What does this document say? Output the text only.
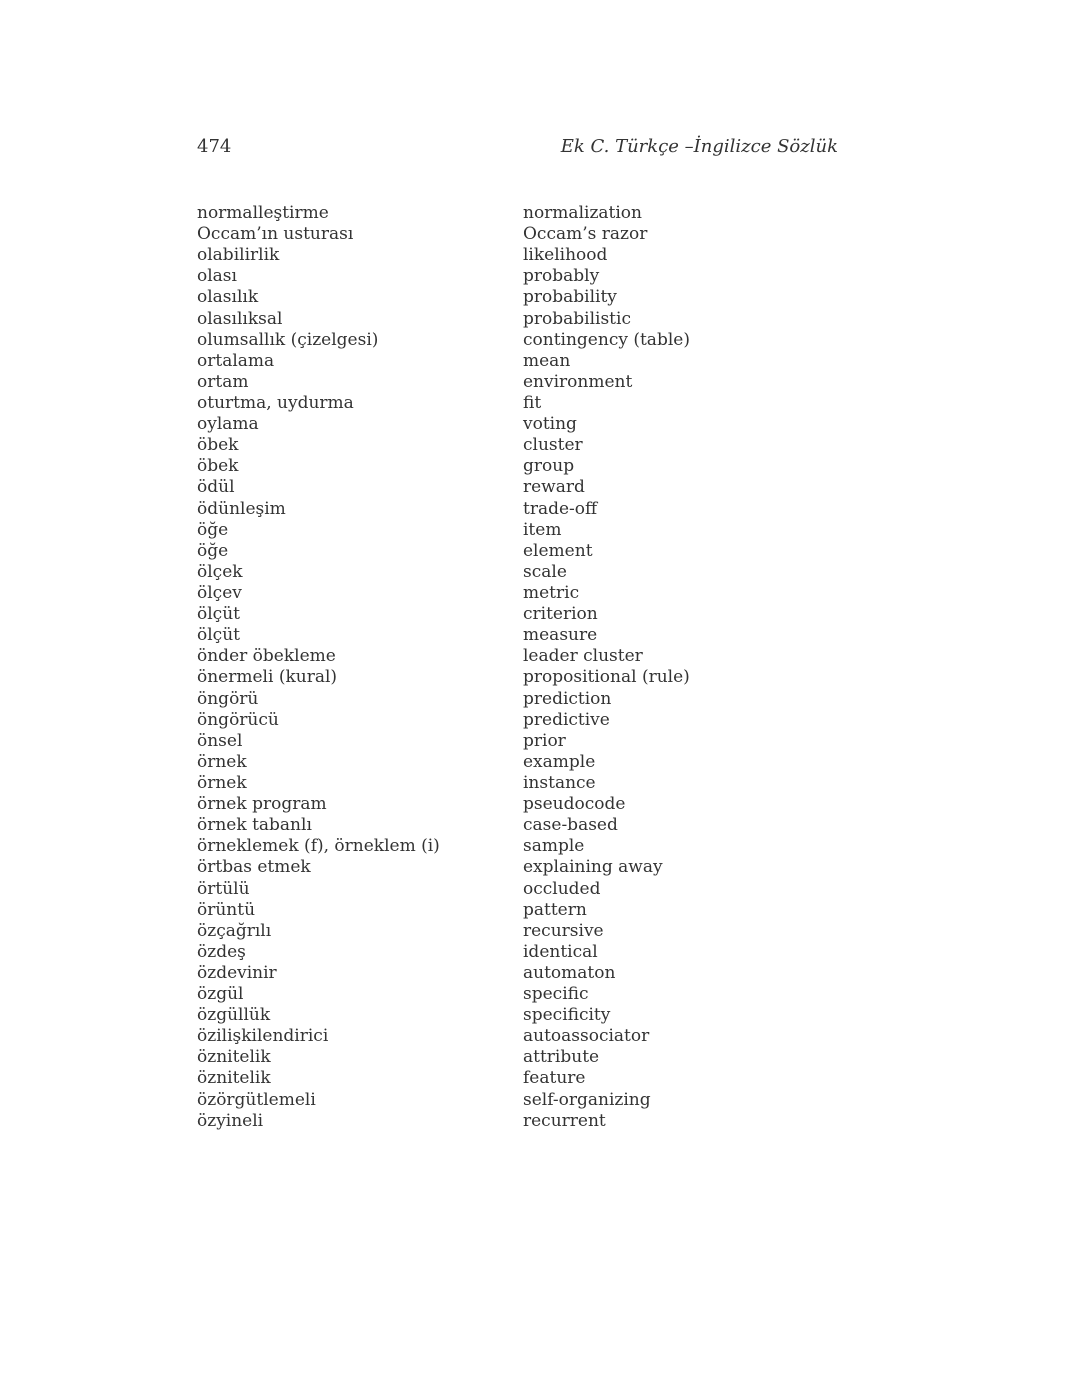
474	Ek C. Türkçe –İngilizce Sözlük
normalleştirme	normalization
Occam’ın usturası	Occam’s razor
olabilirlik	likelihood
olası	probably
olasılık	probability
olasılıksal	probabilistic
olumsallık (çizelgesi)	contingency (table)
ortalama	mean
ortam	environment
oturtma, uydurma	fit
oylama	voting
öbek	cluster
öbek	group
ödül	reward
ödünleşim	trade-off
öğe	item
öğe	element
ölçek	scale
ölçev	metric
ölçüt	criterion
ölçüt	measure
önder öbekleme	leader cluster
önermeli (kural)	propositional (rule)
öngörü	prediction
öngörücü	predictive
önsel	prior
örnek	example
örnek	instance
örnek program	pseudocode
örnek tabanlı	case-based
örneklemek (f), örneklem (i)	sample
örtbas etmek	explaining away
örtülü	occluded
örüntü	pattern
özçağrılı	recursive
özdeş	identical
özdevinir	automaton
özgül	specific
özgüllük	specificity
özilişkilendirici	autoassociator
öznitelik	attribute
öznitelik	feature
özörgütlemeli	self-organizing
özyineli	recurrent
